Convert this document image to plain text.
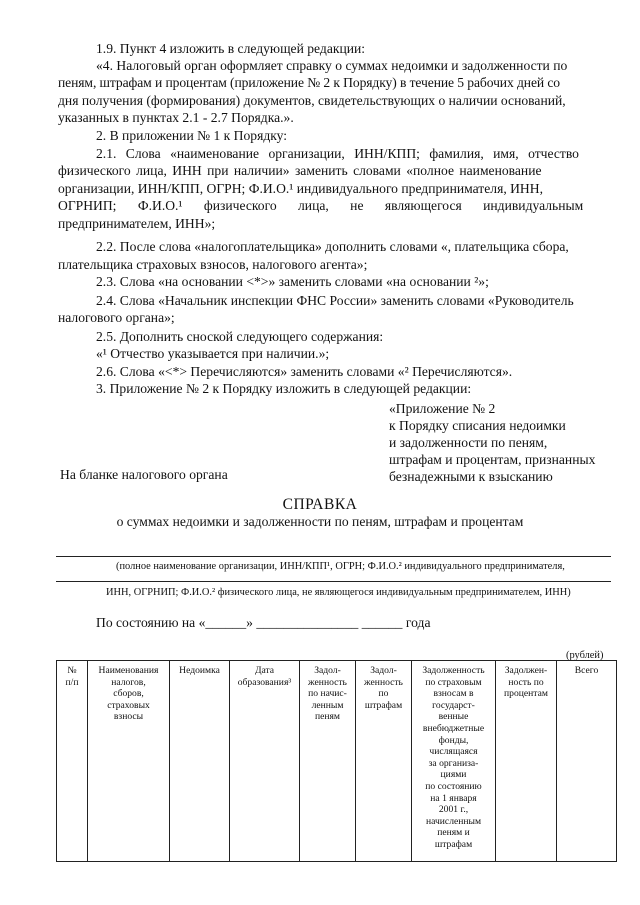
1.9. Пункт 4 изложить в следующей редакции:
«4. Налоговый орган оформляет справку о суммах недоимки и задолженности по
пеням, штрафам и процентам (приложение № 2 к Порядку) в течение 5 рабочих дней со
дня получения (формирования) документов, свидетельствующих о наличии оснований,
указанных в пунктах 2.1 - 2.7 Порядка.».
2. В приложении № 1 к Порядку:
2.1. Слова «наименование организации, ИНН/КПП; фамилия, имя, отчество
физического лица, ИНН при наличии» заменить словами «полное наименование
организации, ИНН/КПП, ОГРН; Ф.И.О.¹ индивидуального предпринимателя, ИНН,
ОГРНИП; Ф.И.О.¹ физического лица, не являющегося индивидуальным
предпринимателем, ИНН»;
2.2. После слова «налогоплательщика» дополнить словами «, плательщика сбора,
плательщика страховых взносов, налогового агента»;
2.3. Слова «на основании <*>» заменить словами «на основании ²»;
2.4. Слова «Начальник инспекции ФНС России» заменить словами «Руководитель
налогового органа»;
2.5. Дополнить сноской следующего содержания:
«¹ Отчество указывается при наличии.»;
2.6. Слова «<*> Перечисляются» заменить словами «² Перечисляются».
3. Приложение № 2 к Порядку изложить в следующей редакции:
«Приложение № 2
к Порядку списания недоимки
и задолженности по пеням,
штрафам и процентам, признанных
безнадежными к взысканию
На бланке налогового органа
СПРАВКА
о суммах недоимки и задолженности по пеням, штрафам и процентам
(полное наименование организации, ИНН/КПП¹, ОГРН; Ф.И.О.² индивидуального предпринимателя,
ИНН, ОГРНИП; Ф.И.О.² физического лица, не являющегося индивидуальным предпринимателем, ИНН)
По состоянию на «______» _______________ ______ года
(рублей)
№
п/п	Наименования
налогов,
сборов,
страховых
взносы	Недоимка	Дата
образования³	Задол-
женность
по начис-
ленным
пеням	Задол-
женность
по
штрафам	Задолженность
по страховым
взносам в
государст-
венные
внебюджетные
фонды,
числящаяся
за организа-
циями
по состоянию
на 1 января
2001 г.,
начисленным
пеням и
штрафам	Задолжен-
ность по
процентам	Всего
